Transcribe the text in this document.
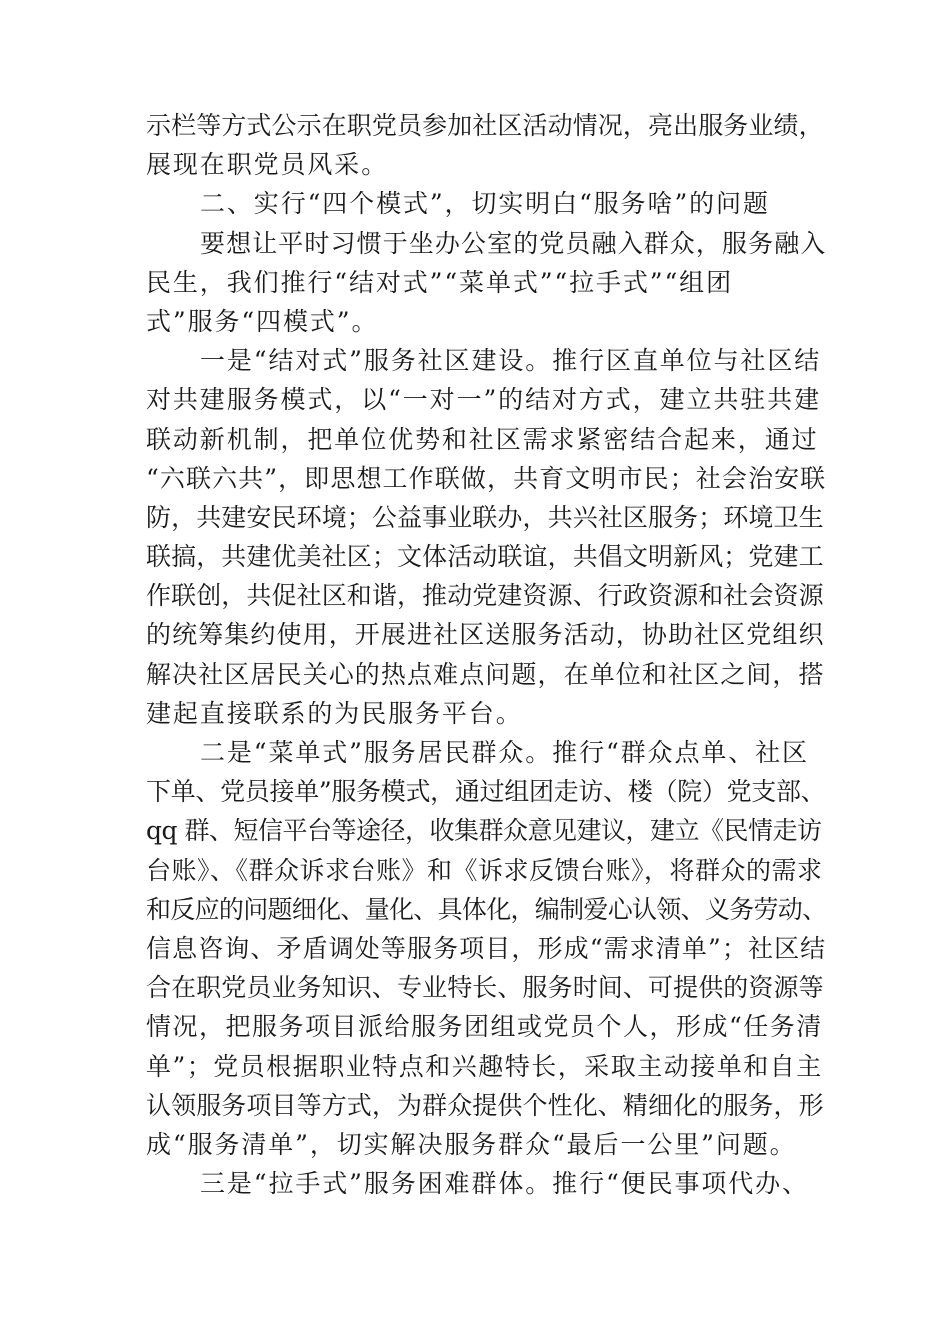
示栏等方式公示在职党员参加社区活动情况，亮出服务业绩，
展现在职党员风采。
二、实行“四个模式”，切实明白“服务啥”的问题
要想让平时习惯于坐办公室的党员融入群众，服务融入
民生，我们推行“结对式”“菜单式”“拉手式”“组团
式”服务“四模式”。
一是“结对式”服务社区建设。推行区直单位与社区结
对共建服务模式，以“一对一”的结对方式，建立共驻共建
联动新机制，把单位优势和社区需求紧密结合起来，通过
“六联六共”，即思想工作联做，共育文明市民；社会治安联
防，共建安民环境；公益事业联办，共兴社区服务；环境卫生
联搞，共建优美社区；文体活动联谊，共倡文明新风；党建工
作联创，共促社区和谐，推动党建资源、行政资源和社会资源
的统筹集约使用，开展进社区送服务活动，协助社区党组织
解决社区居民关心的热点难点问题，在单位和社区之间，搭
建起直接联系的为民服务平台。
二是“菜单式”服务居民群众。推行“群众点单、社区
下单、党员接单”服务模式，通过组团走访、楼（院）党支部、
qq 群、短信平台等途径，收集群众意见建议，建立《民情走访
台账》、《群众诉求台账》和《诉求反馈台账》，将群众的需求
和反应的问题细化、量化、具体化，编制爱心认领、义务劳动、
信息咨询、矛盾调处等服务项目，形成“需求清单”；社区结
合在职党员业务知识、专业特长、服务时间、可提供的资源等
情况，把服务项目派给服务团组或党员个人，形成“任务清
单”；党员根据职业特点和兴趣特长，采取主动接单和自主
认领服务项目等方式，为群众提供个性化、精细化的服务，形
成“服务清单”，切实解决服务群众“最后一公里”问题。
三是“拉手式”服务困难群体。推行“便民事项代办、
